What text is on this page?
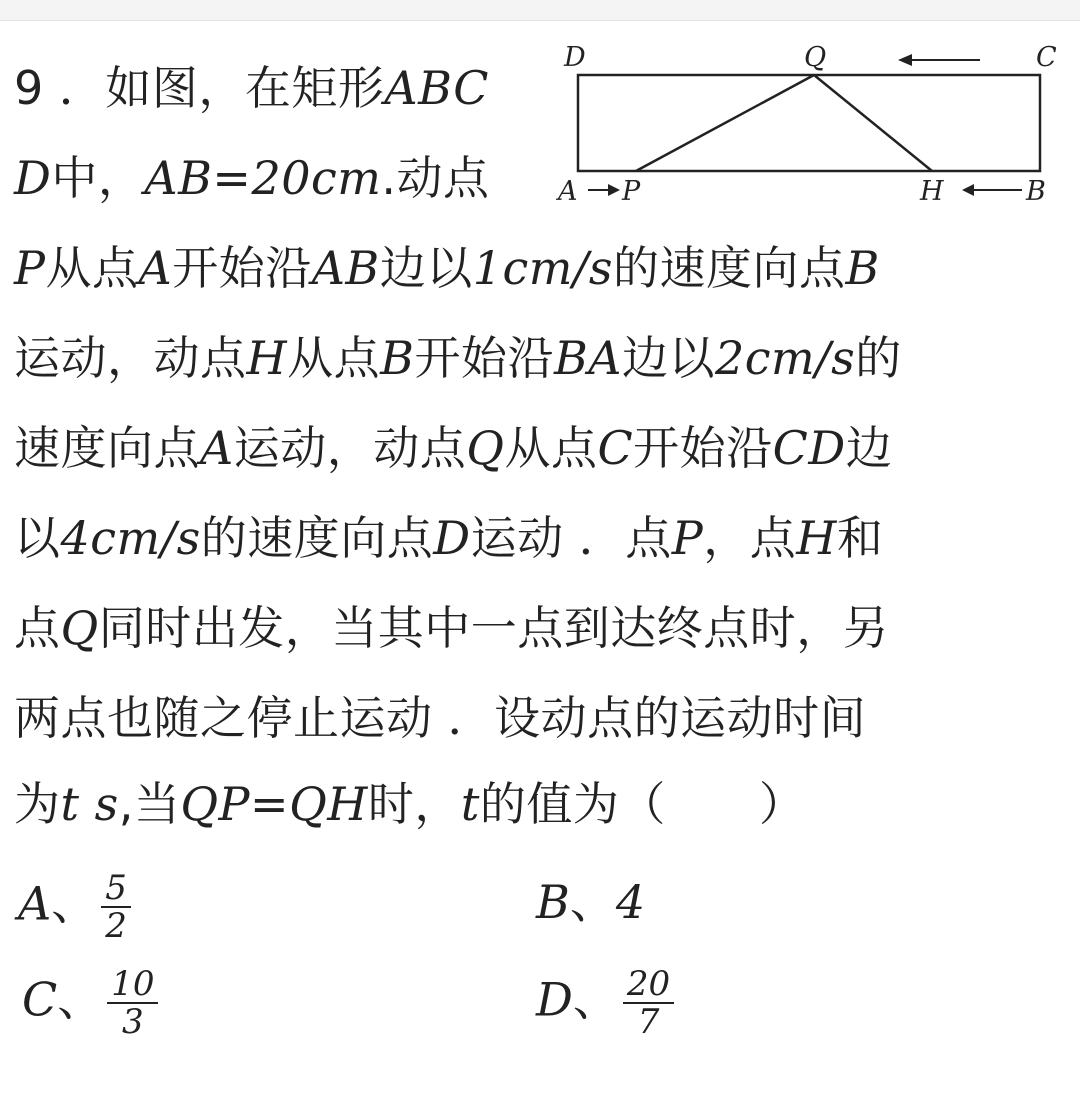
9 ．如图，在矩形ABC
D中，AB=20cm.动点
P从点A开始沿AB边以1cm/s的速度向点B
运动，动点H从点B开始沿BA边以2cm/s的
速度向点A运动，动点Q从点C开始沿CD边
以4cm/s的速度向点D运动 ．点P，点H和
点Q同时出发，当其中一点到达终点时，另
两点也随之停止运动 ．设动点的运动时间
为t s,当QP=QH时，t的值为（　　）
D	Q	C
A P	H	B
A、 $\frac{5}{2}$	B、4
C、 $\frac{10}{3}$	D、 $\frac{20}{7}$
